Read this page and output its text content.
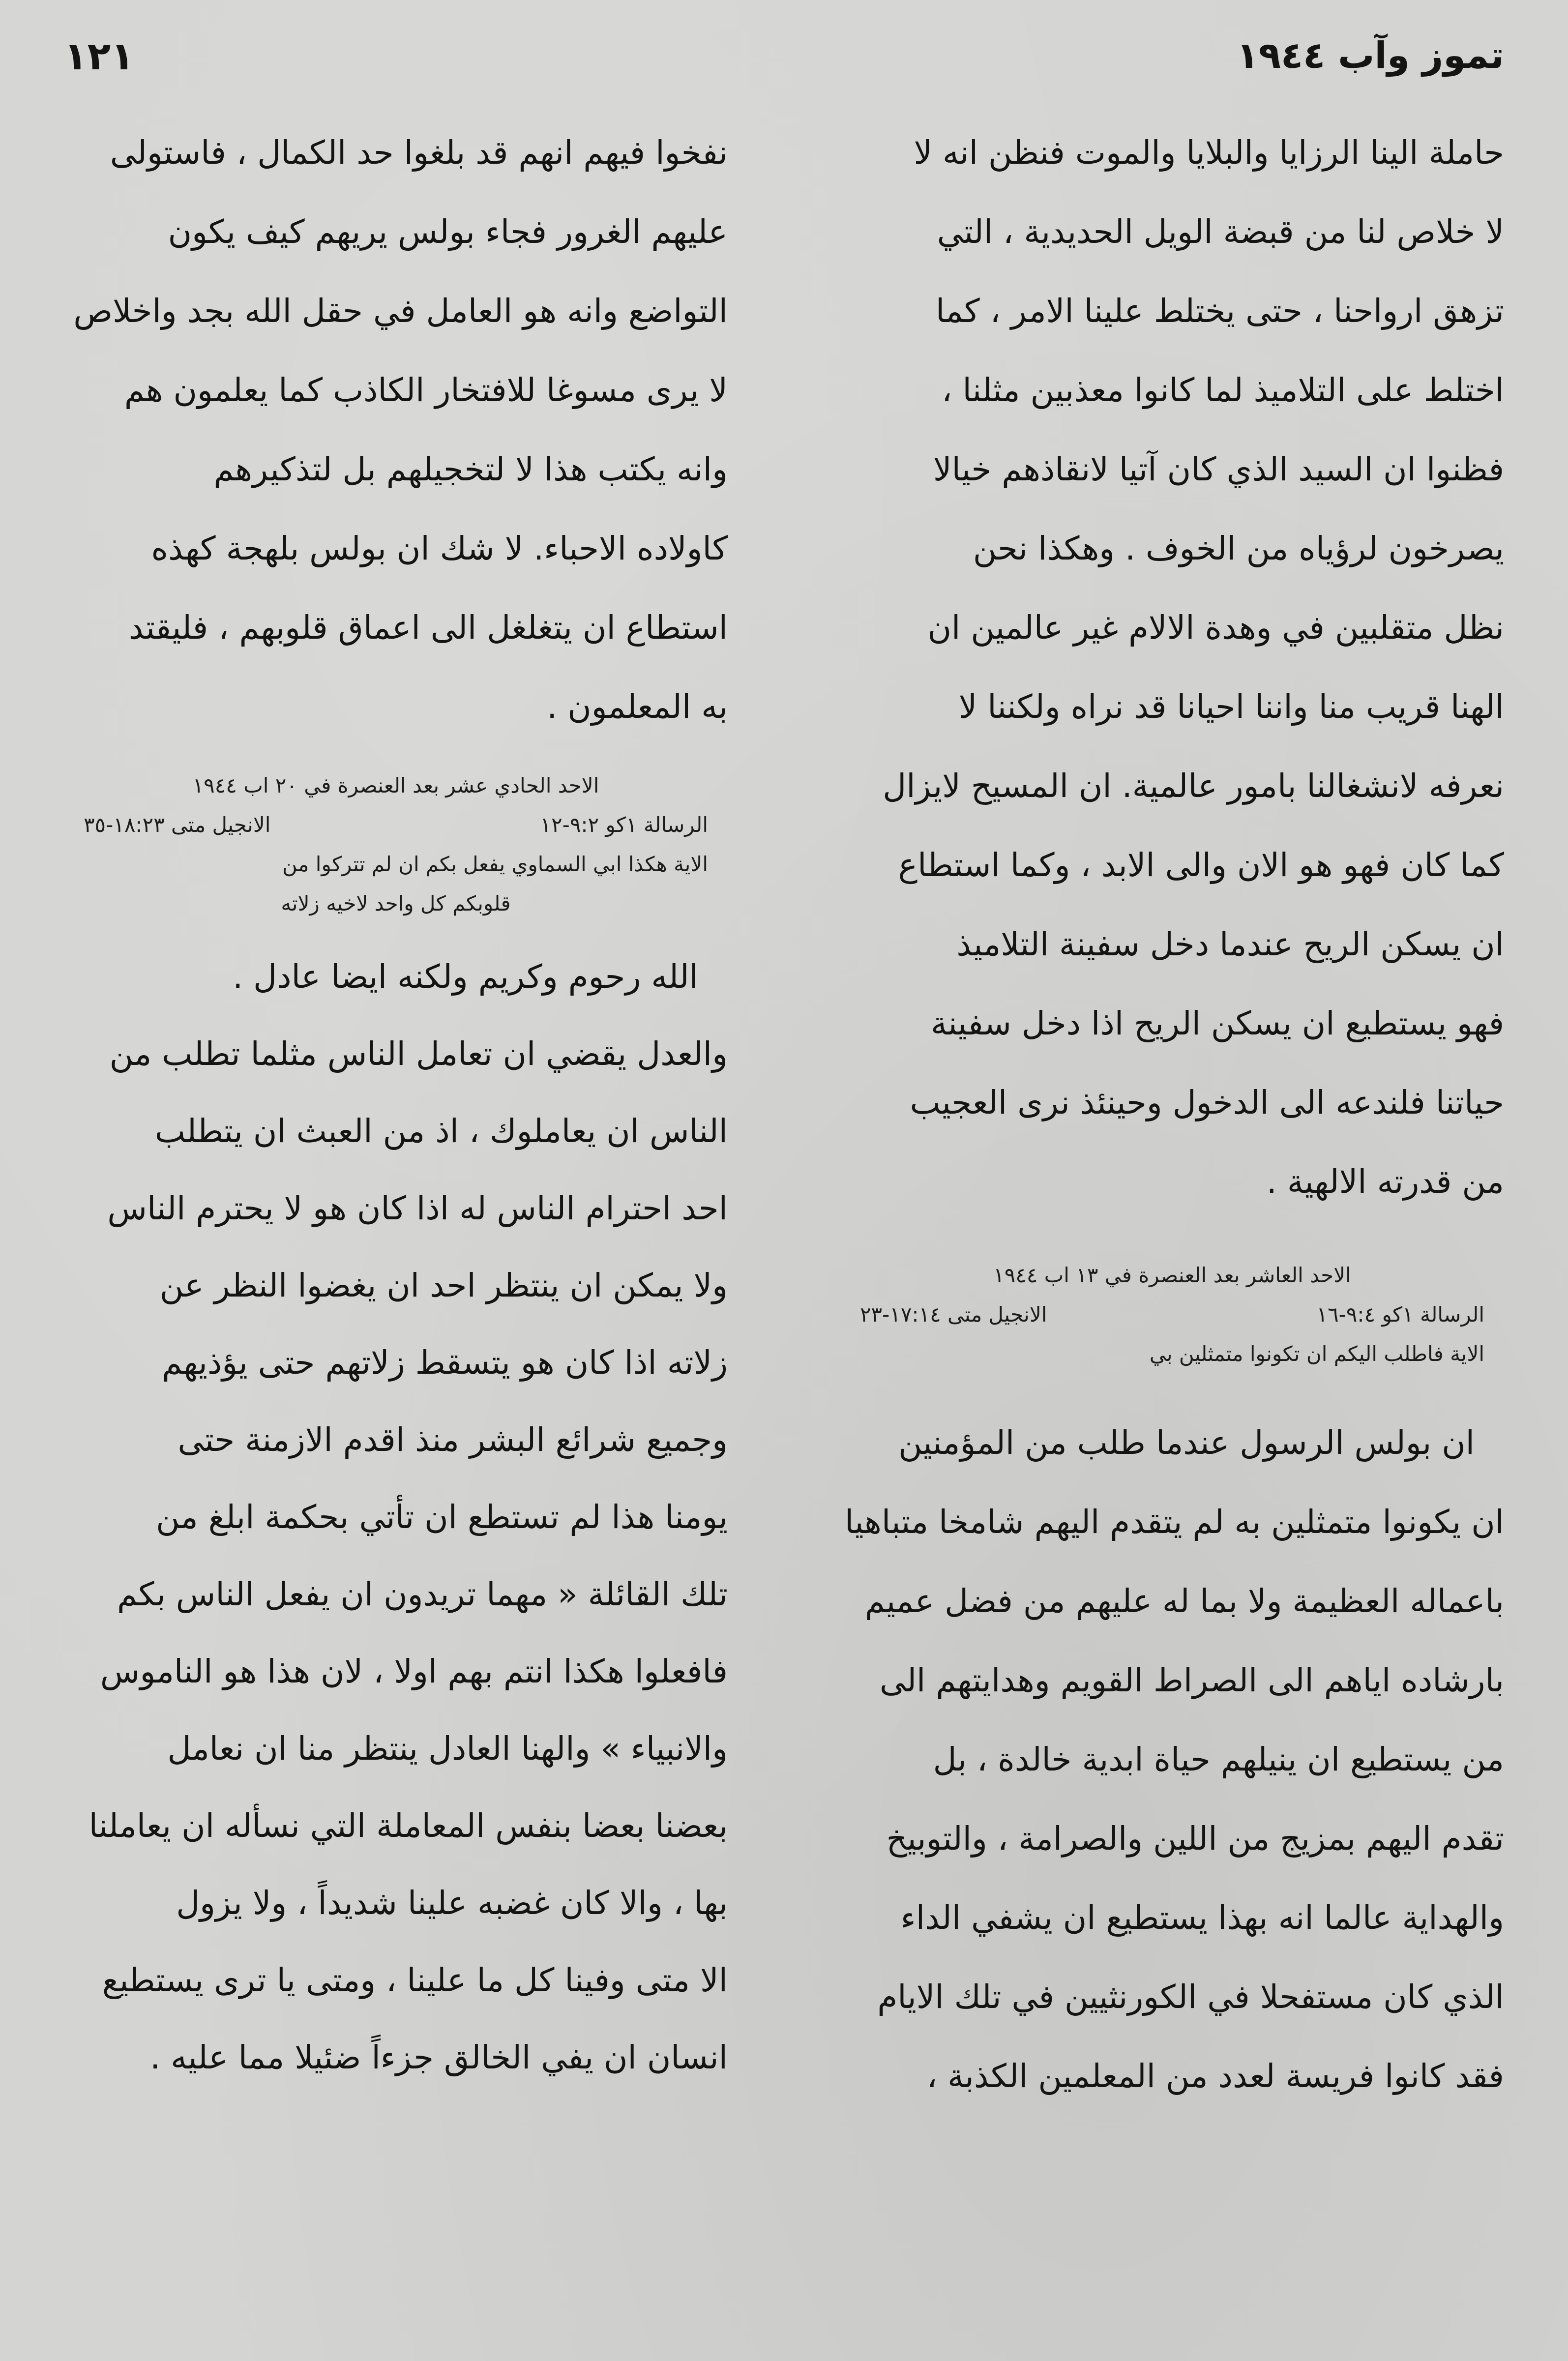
١٢١	تموز وآب ١٩٤٤

حاملة الينا الرزايا والبلايا والموت فنظن انه لا

لا خلاص لنا من قبضة الويل الحديدية ، التي

تزهق ارواحنا ، حتى يختلط علينا الامر ، كما

اختلط على التلاميذ لما كانوا معذبين مثلنا ،

فظنوا ان السيد الذي كان آتيا لانقاذهم خيالا

يصرخون لرؤياه من الخوف . وهكذا نحن

نظل متقلبين في وهدة الالام غير عالمين ان

الهنا قريب منا واننا احيانا قد نراه ولكننا لا

نعرفه لانشغالنا بامور عالمية. ان المسيح لايزال

كما كان فهو هو الان والى الابد ، وكما استطاع

ان يسكن الريح عندما دخل سفينة التلاميذ

فهو يستطيع ان يسكن الريح اذا دخل سفينة

حياتنا فلندعه الى الدخول وحينئذ نرى العجيب

من قدرته الالهية .

الاحد العاشر بعد العنصرة في ١٣ اب ١٩٤٤
الرسالة ١كو ٩:٤-١٦
الانجيل متى ١٧:١٤-٢٣
الاية فاطلب اليكم ان تكونوا متمثلين بي

ان بولس الرسول عندما طلب من المؤمنين

ان يكونوا متمثلين به لم يتقدم اليهم شامخا متباهيا

باعماله العظيمة ولا بما له عليهم من فضل عميم

بارشاده اياهم الى الصراط القويم وهدايتهم الى

من يستطيع ان ينيلهم حياة ابدية خالدة ، بل

تقدم اليهم بمزيج من اللين والصرامة ، والتوبيخ

والهداية عالما انه بهذا يستطيع ان يشفي الداء

الذي كان مستفحلا في الكورنثيين في تلك الايام

فقد كانوا فريسة لعدد من المعلمين الكذبة ،

نفخوا فيهم انهم قد بلغوا حد الكمال ، فاستولى

عليهم الغرور فجاء بولس يريهم كيف يكون

التواضع وانه هو العامل في حقل الله بجد واخلاص

لا يرى مسوغا للافتخار الكاذب كما يعلمون هم

وانه يكتب هذا لا لتخجيلهم بل لتذكيرهم

كاولاده الاحباء. لا شك ان بولس بلهجة كهذه

استطاع ان يتغلغل الى اعماق قلوبهم ، فليقتد

به المعلمون .

الاحد الحادي عشر بعد العنصرة في ٢٠ اب ١٩٤٤
الرسالة ١كو ٩:٢-١٢
الانجيل متى ١٨:٢٣-٣٥
الاية هكذا ابي السماوي يفعل بكم ان لم تتركوا من
قلوبكم كل واحد لاخيه زلاته

الله رحوم وكريم ولكنه ايضا عادل .

والعدل يقضي ان تعامل الناس مثلما تطلب من

الناس ان يعاملوك ، اذ من العبث ان يتطلب

احد احترام الناس له اذا كان هو لا يحترم الناس

ولا يمكن ان ينتظر احد ان يغضوا النظر عن

زلاته اذا كان هو يتسقط زلاتهم حتى يؤذيهم

وجميع شرائع البشر منذ اقدم الازمنة حتى

يومنا هذا لم تستطع ان تأتي بحكمة ابلغ من

تلك القائلة « مهما تريدون ان يفعل الناس بكم

فافعلوا هكذا انتم بهم اولا ، لان هذا هو الناموس

والانبياء » والهنا العادل ينتظر منا ان نعامل

بعضنا بعضا بنفس المعاملة التي نسأله ان يعاملنا

بها ، والا كان غضبه علينا شديداً ، ولا يزول

الا متى وفينا كل ما علينا ، ومتى يا ترى يستطيع

انسان ان يفي الخالق جزءاً ضئيلا مما عليه .
